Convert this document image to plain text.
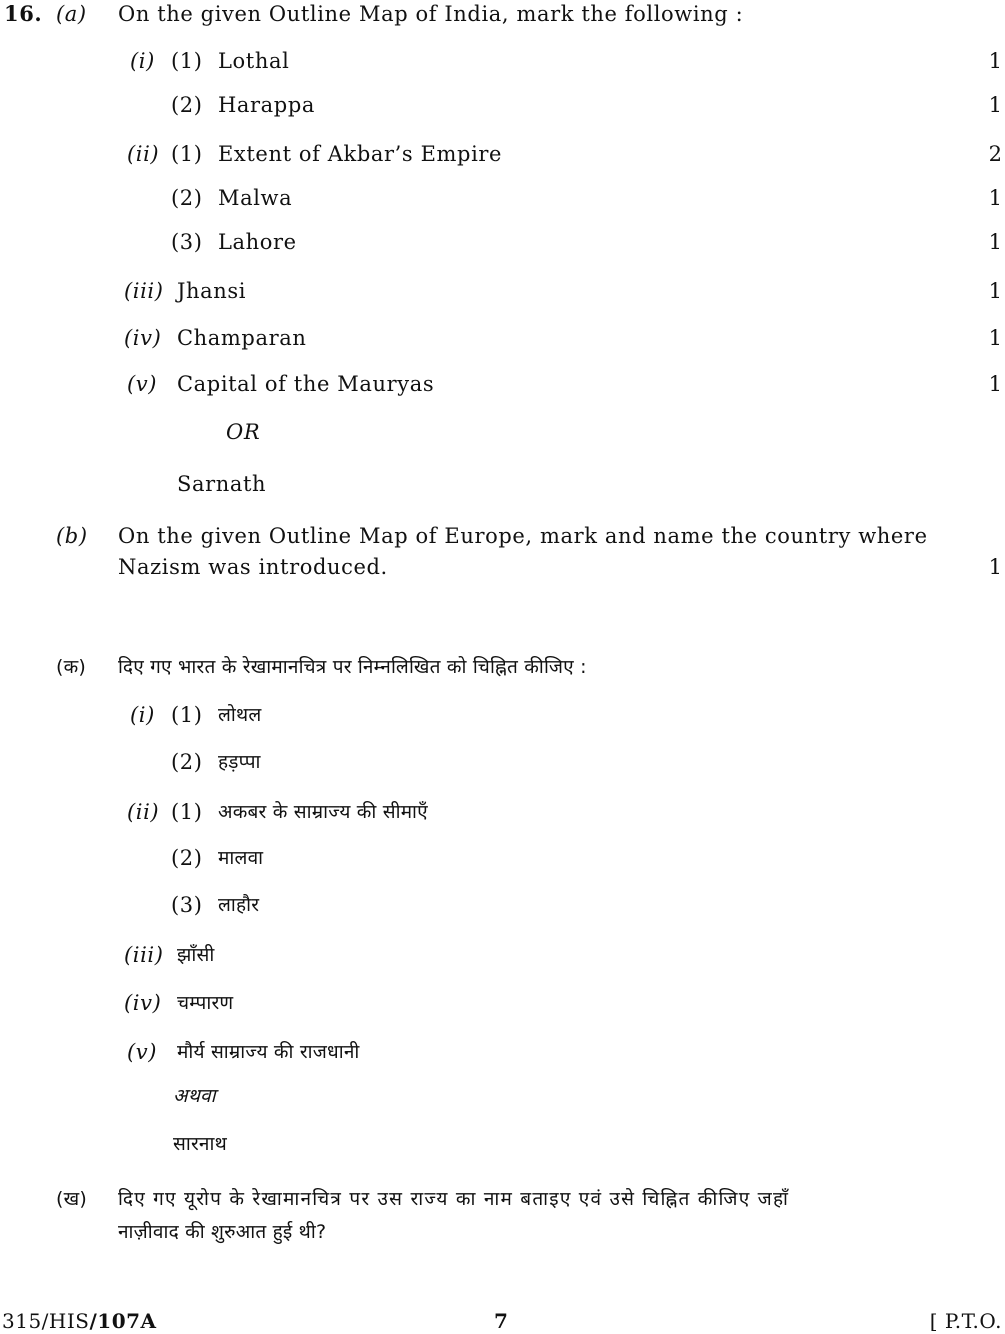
16. (a) On the given Outline Map of India, mark the following :
(i) (1) Lothal	1
(2) Harappa	1
(ii) (1) Extent of Akbar’s Empire	2
(2) Malwa	1
(3) Lahore	1
(iii) Jhansi	1
(iv) Champaran	1
(v) Capital of the Mauryas	1
OR
Sarnath
(b) On the given Outline Map of Europe, mark and name the country where
Nazism was introduced.	1
(क) दिए गए भारत के रेखामानचित्र पर निम्नलिखित को चिह्नित कीजिए :
(i) (1) लोथल
(2) हड़प्पा
(ii) (1) अकबर के साम्राज्य की सीमाएँ
(2) मालवा
(3) लाहौर
(iii) झाँसी
(iv) चम्पारण
(v) मौर्य साम्राज्य की राजधानी
अथवा
सारनाथ
(ख) दिए गए यूरोप के रेखामानचित्र पर उस राज्य का नाम बताइए एवं उसे चिह्नित कीजिए जहाँ
नाज़ीवाद की शुरुआत हुई थी?
315/HIS/107A	7	[ P.T.O.
